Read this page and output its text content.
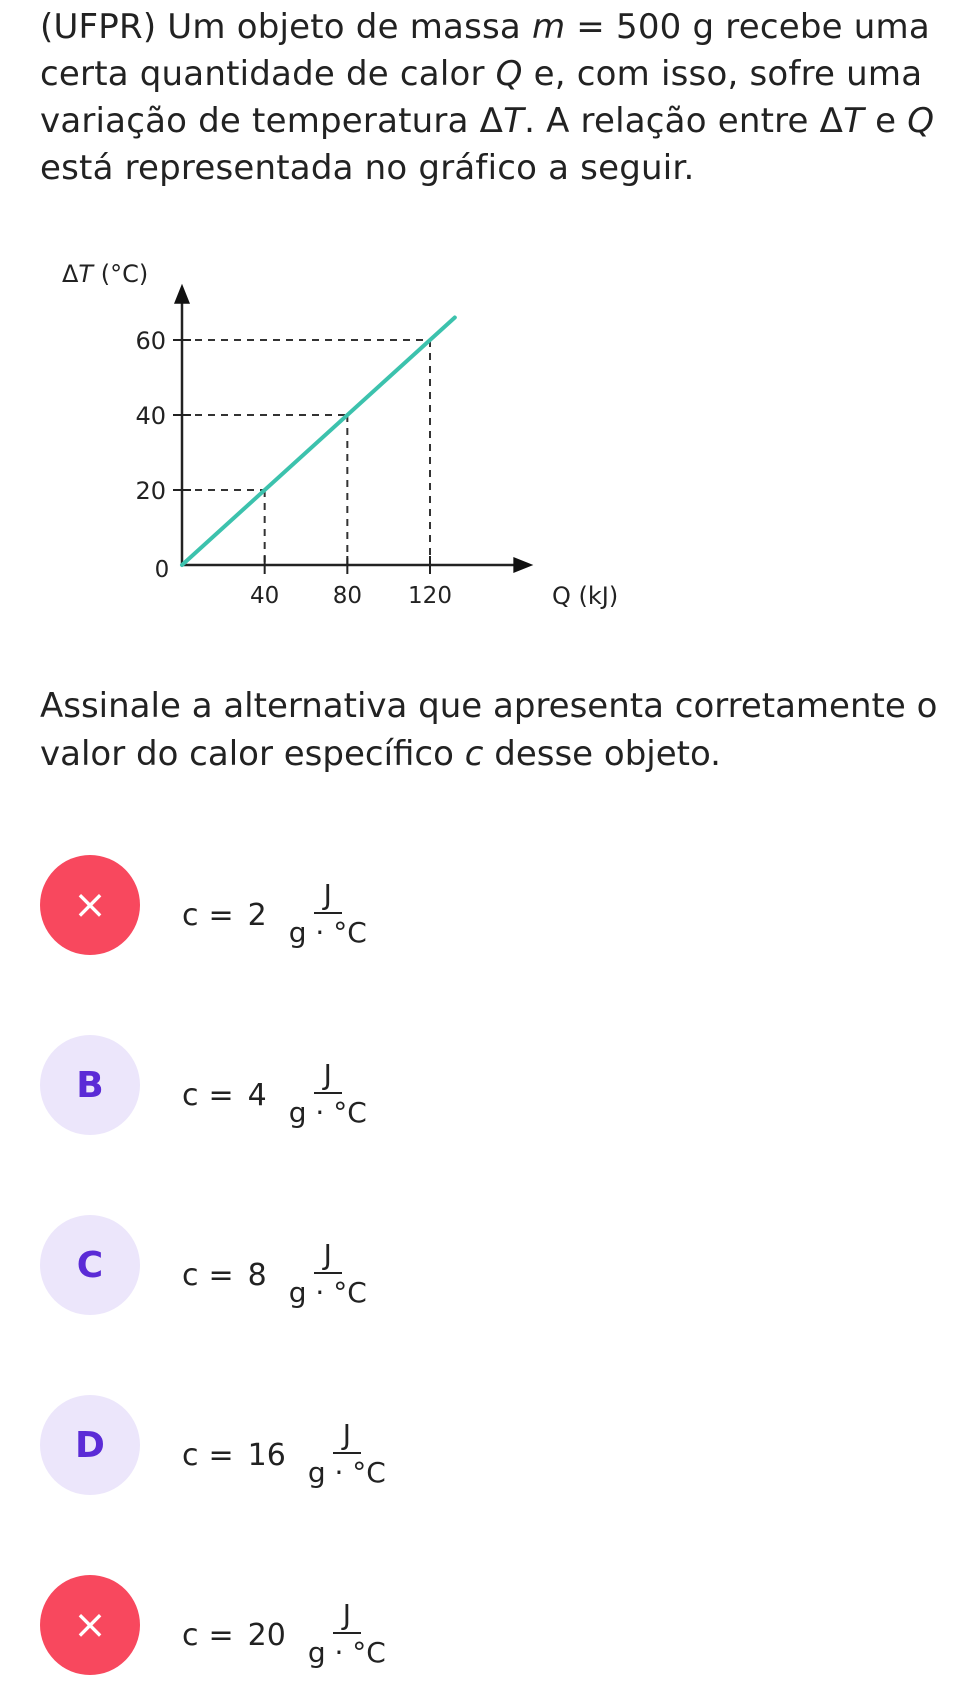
(UFPR) Um objeto de massa m = 500 g recebe uma
certa quantidade de calor Q e, com isso, sofre uma
variação de temperatura ΔT. A relação entre ΔT e Q
está representada no gráfico a seguir.
0
40 80 120
20
40
60
ΔT (°C)
Q (kJ)
Assinale a alternativa que apresenta corretamente o
valor do calor específico c desse objeto.
×	$c = 2 \frac{J}{g \cdot ^\circ C}$
B	$c = 4 \frac{J}{g \cdot ^\circ C}$
C	$c = 8 \frac{J}{g \cdot ^\circ C}$
D	$c = 16 \frac{J}{g \cdot ^\circ C}$
×	$c = 20 \frac{J}{g \cdot ^\circ C}$
